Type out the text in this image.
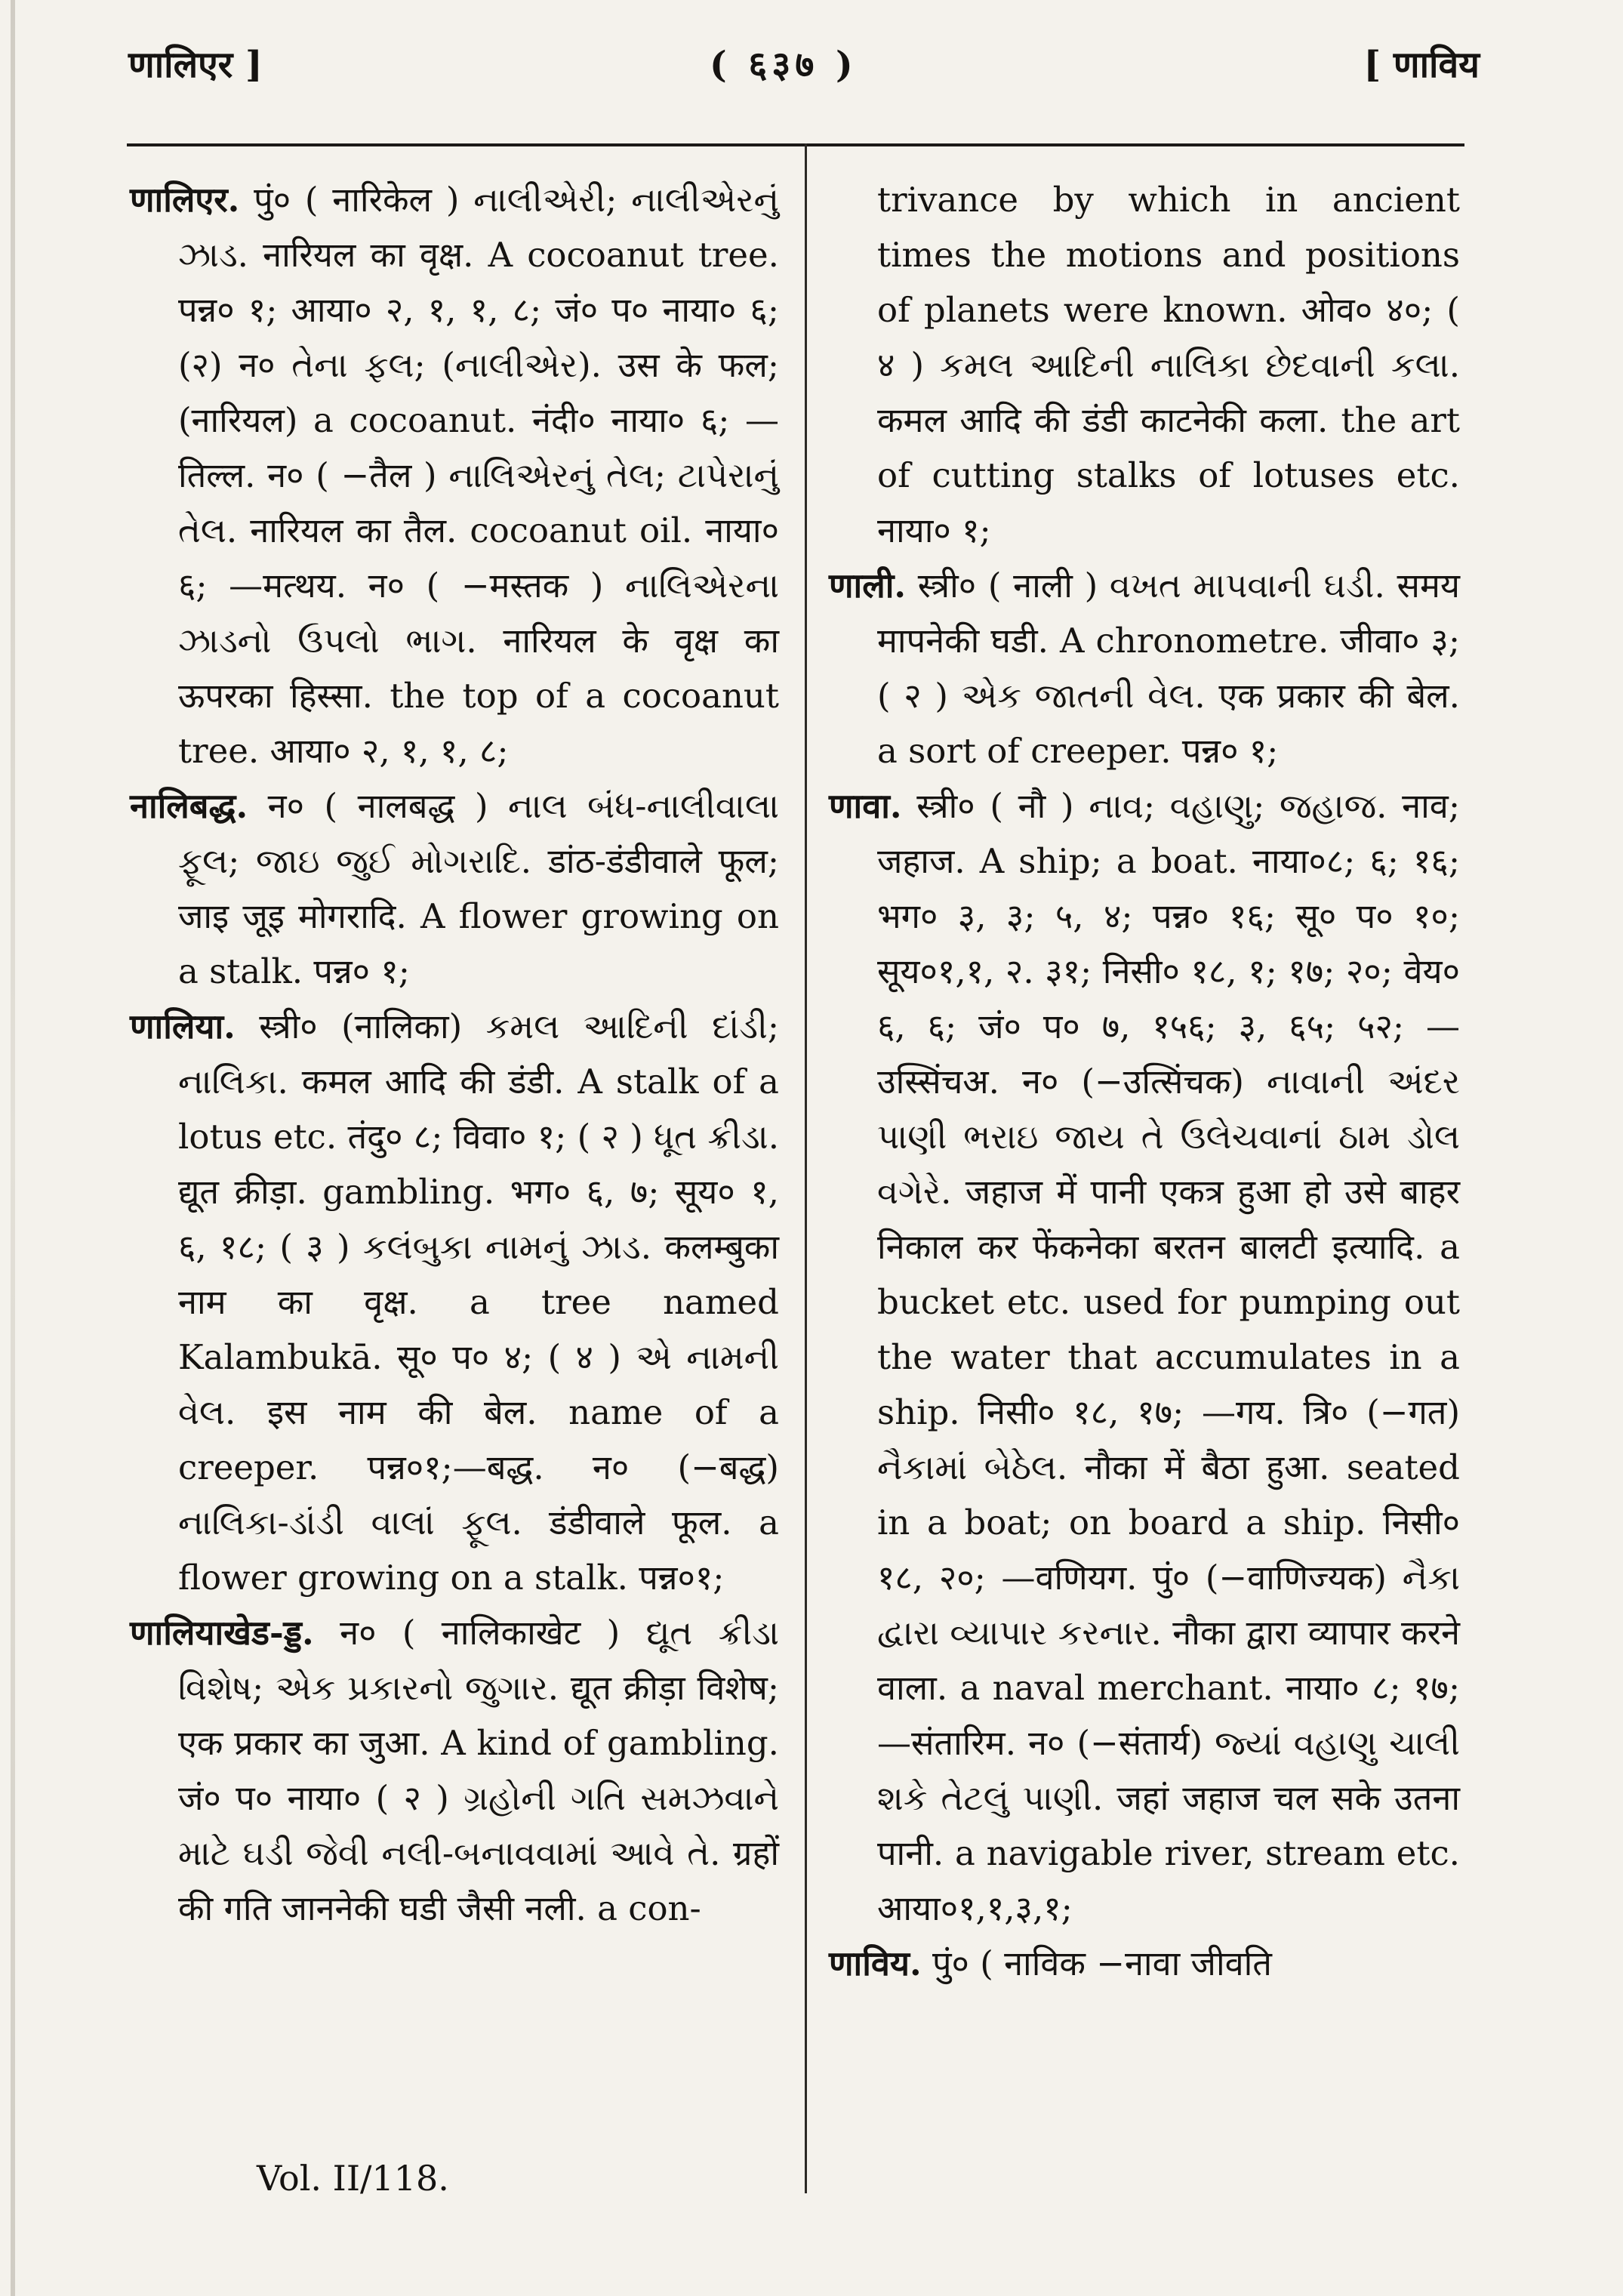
णालिएर ]	( ६३७ )	[ णाविय

णालिएर. पुं० ( नारिकेल ) નાલીએરી; નાલીએરનું ઝાડ. नारियल का वृक्ष. A cocoanut tree. पन्न० १; आया० २, १, १, ८; जं० प० नाया० ६; (२) न० તેના ફલ; (નાલીએર). उस के फल; (नारियल) a cocoanut. नंदी० नाया० ६; —तिल्ल. न० ( −तैल ) નાલિએરનું તેલ; ટાપેરાનું તેલ. नारियल का तैल. cocoanut oil. नाया० ६; —मत्थय. न० ( −मस्तक ) નાલિએરના ઝાડનો ઉપલો ભાગ. नारियल के वृक्ष का ऊपरका हिस्सा. the top of a cocoanut tree. आया० २, १, १, ८;

नालिबद्ध. न० ( नालबद्ध ) નાલ બંધ-નાલીવાલા ફૂલ; જાઇ જુઈ મોગરાદિ. डांठ-डंडीवाले फूल; जाइ जूइ मोगरादि. A flower growing on a stalk. पन्न० १;

णालिया. स्त्री० (नालिका) કમલ આદિની દાંડી; નાલિકા. कमल आदि की डंडी. A stalk of a lotus etc. तंदु० ८; विवा० १; ( २ ) ધૂત ક્રીડા. द्यूत क्रीड़ा. gambling. भग० ६, ७; सूय० १, ६, १८; ( ३ ) કલંબુકા નામનું ઝાડ. कलम्बुका नाम का वृक्ष. a tree named Kalambukā. सू० प० ४; ( ४ ) એ નામની વેલ. इस नाम की बेल. name of a creeper. पन्न०१;—बद्ध. न० (−बद्ध) નાલિકા-ડાંડી વાલાં ફૂલ. डंडीवाले फूल. a flower growing on a stalk. पन्न०१;

णालियाखेड-ड्ड. न० ( नालिकाखेट ) દ્યૂત ક્રીડા વિશેષ; એક પ્રકારનો જુગાર. द्यूत क्रीड़ा विशेष; एक प्रकार का जुआ. A kind of gambling. जं० प० नाया० ( २ ) ગ્રહોની ગતિ સમઝવાને માટે ઘડી જેવી નલી-બનાવવામાં આવે તે. ग्रहों की गति जाननेकी घडी जैसी नली. a con-

trivance by which in ancient times the motions and positions of planets were known. ओव० ४०; ( ४ ) કમલ આદિની નાલિકા છેદવાની કલા. कमल आदि की डंडी काटनेकी कला. the art of cutting stalks of lotuses etc. नाया० १;

णाली. स्त्री० ( नाली ) વખત માપવાની ઘડી. समय मापनेकी घडी. A chronometre. जीवा० ३; ( २ ) એક જાતની વેલ. एक प्रकार की बेल. a sort of creeper. पन्न० १;

णावा. स्त्री० ( नौ ) નાવ; વહાણુ; જહાજ. नाव; जहाज. A ship; a boat. नाया०८; ६; १६; भग० ३, ३; ५, ४; पन्न० १६; सू० प० १०; सूय०१,१, २. ३१; निसी० १८, १; १७; २०; वेय० ६, ६; जं० प० ७, १५६; ३, ६५; ५२; —उस्सिंचअ. न० (−उत्सिंचक) નાવાની અંદર પાણી ભરાઇ જાય તે ઉલેચવાનાં ઠામ ડોલ વગેરે. जहाज में पानी एकत्र हुआ हो उसे बाहर निकाल कर फेंकनेका बरतन बालटी इत्यादि. a bucket etc. used for pumping out the water that accumulates in a ship. निसी० १८, १७; —गय. त्रि० (−गत) નૈકામાં બેઠેલ. नौका में बैठा हुआ. seated in a boat; on board a ship. निसी० १८, २०; —वणियग. पुं० (−वाणिज्यक) નૈકા દ્વારા વ્યાપાર કરનાર. नौका द्वारा व्यापार करने वाला. a naval merchant. नाया० ८; १७; —संतारिम. न० (−संतार्य) જ્યાં વહાણુ ચાલી શકે તેટલું પાણી. जहां जहाज चल सके उतना पानी. a navigable river, stream etc. आया०१,१,३,१;

णाविय. पुं० ( नाविक −नावा जीवति

Vol. II/118.
